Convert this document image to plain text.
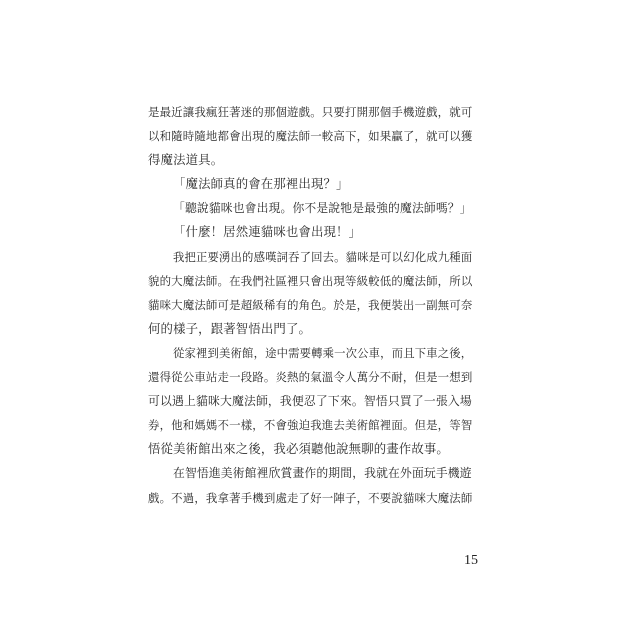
是最近讓我瘋狂著迷的那個遊戲。只要打開那個手機遊戲，就可
以和隨時隨地都會出現的魔法師一較高下，如果贏了，就可以獲
得魔法道具。
「魔法師真的會在那裡出現？」
「聽說貓咪也會出現。你不是說牠是最強的魔法師嗎？」
「什麼！居然連貓咪也會出現！」
我把正要湧出的感嘆詞吞了回去。貓咪是可以幻化成九種面
貌的大魔法師。在我們社區裡只會出現等級較低的魔法師，所以
貓咪大魔法師可是超級稀有的角色。於是，我便裝出一副無可奈
何的樣子，跟著智悟出門了。
從家裡到美術館，途中需要轉乘一次公車，而且下車之後，
還得從公車站走一段路。炎熱的氣溫令人萬分不耐，但是一想到
可以遇上貓咪大魔法師，我便忍了下來。智悟只買了一張入場
券，他和媽媽不一樣，不會強迫我進去美術館裡面。但是，等智
悟從美術館出來之後，我必須聽他說無聊的畫作故事。
在智悟進美術館裡欣賞畫作的期間，我就在外面玩手機遊
戲。不過，我拿著手機到處走了好一陣子，不要說貓咪大魔法師
15
